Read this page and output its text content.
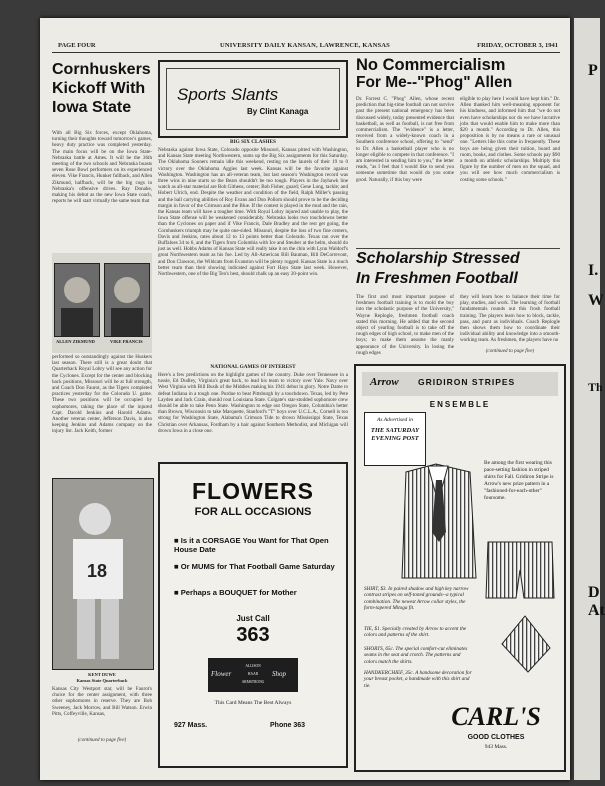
P
I.
W
Th
D
At
PAGE FOUR	UNIVERSITY DAILY KANSAN, LAWRENCE, KANSAS	FRIDAY, OCTOBER 3, 1941
Cornhuskers Kickoff With Iowa State
With all Big Six forces, except Oklahoma, turning their thoughts toward tomorrow's games, heavy duty practice was completed yesterday. The main focus will be on the Iowa State-Nebraska battle at Ames. It will be the 36th meeting of the two schools and Nebraska boasts seven Rose Bowl performers on its experienced eleven. Vike Francis, Hunker fullback, and Allen Zikmund, halfback, will be the big cogs in Nebraska's offensive drives. Ray Donahe, making his debut as the new Iowa State coach, reports he will start virtually the same team that
ALLEN ZIKMUND	VIKE FRANCIS
performed so outstandingly against the Huskers last season. There still is a great doubt that Quarterback Royal Lohry will see any action for the Cyclones. Except for the center and blocking back positions, Missouri will be at full strength, and Coach Don Faurot, as the Tigers completed practices yesterday for the Colorado U. game. These two positions will be occupied by sophomores, taking the place of the injured Capt. Darold Jenkins and Harold Adams. Another veteran center, Jefferson Davis, is also keeping Jenkins and Adams company on the injury list. Jack Keith, former
18
KENT DUWE
Kansas State Quarterback
Kansas City Westport star, will be Faurot's choice for the center assignment, with three other sophomores in reserve. They are Bob Sweeney, Jack Morrow, and Bill Watson. Erwin Pitts, Coffeyville, Kansas,
(continued to page five)
Sports Slants
By Clint Kanaga
BIG SIX CLASHES
Nebraska against Iowa State, Colorado opposite Missouri, Kansas pitted with Washington, and Kansas State meeting Northwestern, sums up the Big Six assignments for this Saturday. The Oklahoma Sooners remain idle this weekend, resting on the laurels of their 19 to 0 victory over the Oklahoma Aggies last week. Kansas will be the favorite against Washington. Washington has an all-veteran team, but last season's Washington record was three wins in nine starts so the Bears shouldn't be too tough. Players in the Jayhawk line watch as all-star material are Bob Githens, center; Bob Fisher, guard; Gene Long, tackle; and Hobert Ulrich, end. Despite the weather and condition of the field, Ralph Miller's passing and the ball carrying abilities of Roy Evans and Don Pollom should prove to be the deciding margin in favor of the Crimson and the Blue. If the contest is played in the mud and the rain, the Kansas team will have a tougher time. With Royal Lohry injured and unable to play, the Iowa State offense will be weakened considerably. Nebraska looks two touchdowns better than the Cyclones on paper and if Vike Francis, Dale Bradley and the rest get going, the Cornhuskers triumph may be quite one-sided. Missouri, despite the loss of two fine centers, Davis and Jenkins, rates about 12 to 13 points better than Colorado. Texas ran over the Buffaloes 34 to 6, and the Tigers from Columbia with Ice and Steuber at the helm, should do just as well. Hobbs Adams of Kansas State will really take it on the chin with Lynn Waldorf's great Northwestern team as his foe. Led by All-American Bill Bauman, Bill DeCorrevont, and Don Clawson, the Wildcats from Evanston will be plenty rugged. Kansas State is a much better team than their showing indicated against Fort Hays State last week. However, Northwestern, one of the Big Ten's best, should chalk up an easy 20-point win.
NATIONAL GAMES OF INTEREST
Here's a few predictions on the highlight games of the country. Duke over Tennessee in a tussle, Ed Dudley, Virginia's great back, to lead his team to victory over Yale. Navy over West Virginia with Bill Busik of the Middies making his 1941 debut in glory. Notre Dame to defeat Indiana in a tough one. Purdue to beat Pittsburgh by a touchdown. Texas, led by Pete Layden and Jack Crain, should rout Louisiana State. Colgate's star-studded sophomore crew should be able to take Penn State. Washington to edge out Oregon State, Columbia's better than Brown, Wisconsin to take Marquette, Stanford's "T" boys over U.C.L.A., Cornell is too strong for Washington State, Alabama's Crimson Tide to drown Mississippi State, Texas Christian over Arkansas, Fordham by a hair against Southern Methodist, and Michigan will drown Iowa in a close one.
FLOWERS
FOR ALL OCCASIONS
■ Is it a CORSAGE You Want for That Open House Date
■ Or MUMS for That Football Game Saturday
■ Perhaps a BOUQUET for Mother
Just Call
363
Flower
ALLISON HAAR ARMSTRONG
Shop
This Card Means The Best Always
927 Mass.	Phone 363
No Commercialism
For Me--"Phog" Allen
Dr. Forrest C. "Phog" Allen, whose recent prediction that big-time football can not survive past the present national emergency has been discussed widely, today presented evidence that basketball, as well as football, is not free from commercialism. The "evidence" is a letter, received from a widely-known coach in a Southern conference school, offering to "send" to Dr. Allen a basketball player who is no longer eligible to compete in that conference. "I am interested in sending him to you," the letter reads, "as I feel that I would like to send you someone sometime that would do you some good. Naturally, if this boy were
eligible to play here I would have kept him." Dr. Allen thanked him well-meaning opponent for his kindness, and informed him that "we do not even have scholarships nor do we have lucrative jobs that would enable him to make more than $20 a month." According to Dr. Allen, this proposition is by no means a rare or unusual one. "Letters like this come in frequently. These boys are being given their tuition, board and room, books, and clothes. Some schools pay $90 a month on athletic scholarships. Multiply this figure by the number of men on the squad, and you will see how much commercialism is costing some schools."
Scholarship Stressed
In Freshmen Football
The first and most important purpose of freshmen football training is to mold the boy into the scholastic purpose of the University," Wayne Replogle, freshmen football coach stated this morning. He added that the second object of yearling football is to take off the rough edges of high school, to make men of the boys; to make them assume the manly appearance of the University. In losing the rough edges
they will learn how to balance their time for play, studies, and work. The learning of football fundamentals rounds out this frosh football training. The players learn how to block, tackle, pass, and punt as individuals. Coach Replogle then shows them how to coordinate their individual ability and knowledge into a smooth-working team. As freshmen, the players have no
(continued to page five)
Arrow GRIDIRON STRIPES
ENSEMBLE
As Advertised in
THE SATURDAY EVENING POST
Be among the first wearing this pace-setting fashion in striped shirts for Fall. Gridiron Stripe is Arrow's new prize pattern in a "fashioned-for-each-other" foursome.
SHIRT, $3. In paired shadow and high key narrow contrast stripes on self-toned grounds--a typical combination. The newest Arrow collar styles, the form-tapered Mitoga fit.
TIE, $1. Specially created by Arrow to accent the colors and patterns of the shirt.
SHORTS, 65c. The special comfort-cut eliminates seams in the seat and crotch. The patterns and colors match the shirts.
HANDKERCHIEF, 35c. A handsome decoration for your breast pocket, a handmade with this shirt and tie.
CARL'S
GOOD CLOTHES
943 Mass.
